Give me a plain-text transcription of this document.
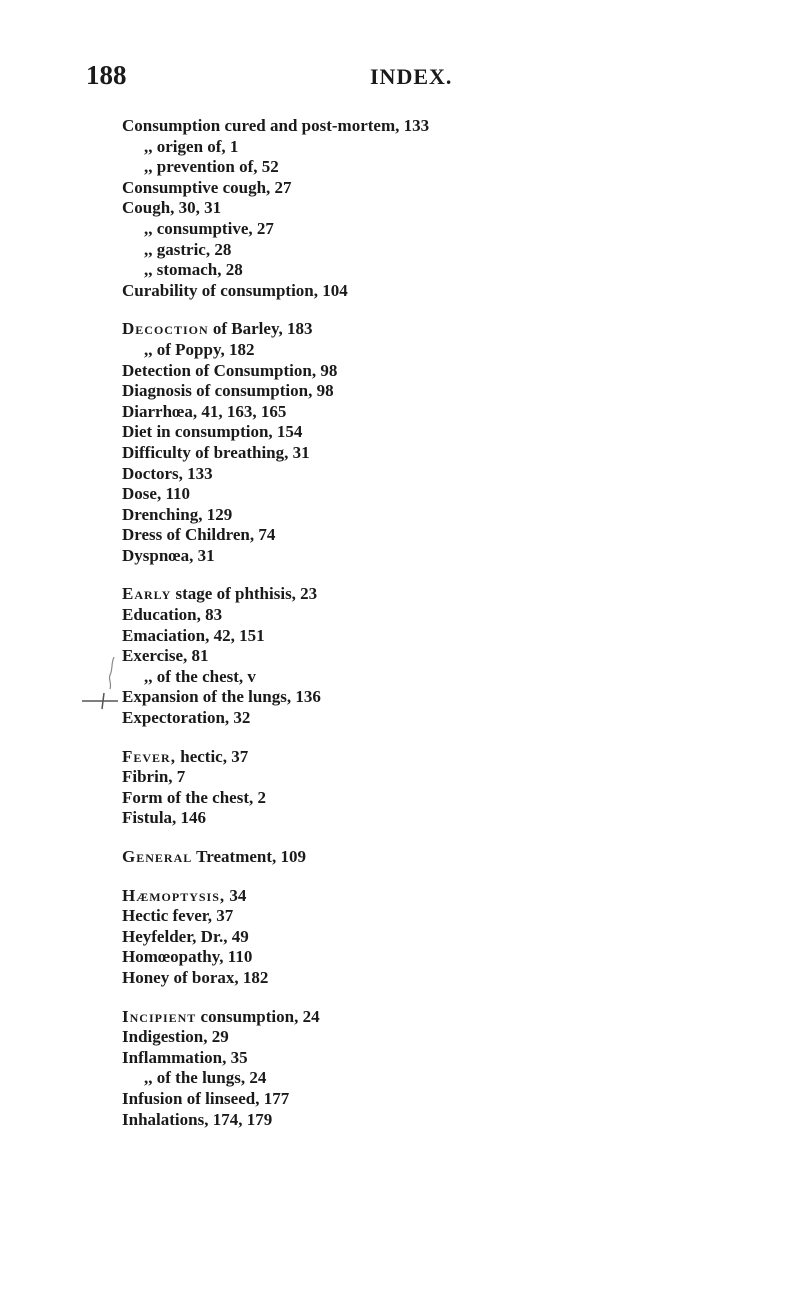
188	INDEX.
Consumption cured and post-mortem, 133
,, origen of, 1
,, prevention of, 52
Consumptive cough, 27
Cough, 30, 31
,, consumptive, 27
,, gastric, 28
,, stomach, 28
Curability of consumption, 104
Decoction of Barley, 183
,, of Poppy, 182
Detection of Consumption, 98
Diagnosis of consumption, 98
Diarrhœa, 41, 163, 165
Diet in consumption, 154
Difficulty of breathing, 31
Doctors, 133
Dose, 110
Drenching, 129
Dress of Children, 74
Dyspnœa, 31
Early stage of phthisis, 23
Education, 83
Emaciation, 42, 151
Exercise, 81
,, of the chest, v
Expansion of the lungs, 136
Expectoration, 32
Fever, hectic, 37
Fibrin, 7
Form of the chest, 2
Fistula, 146
General Treatment, 109
Hæmoptysis, 34
Hectic fever, 37
Heyfelder, Dr., 49
Homœopathy, 110
Honey of borax, 182
Incipient consumption, 24
Indigestion, 29
Inflammation, 35
,, of the lungs, 24
Infusion of linseed, 177
Inhalations, 174, 179
